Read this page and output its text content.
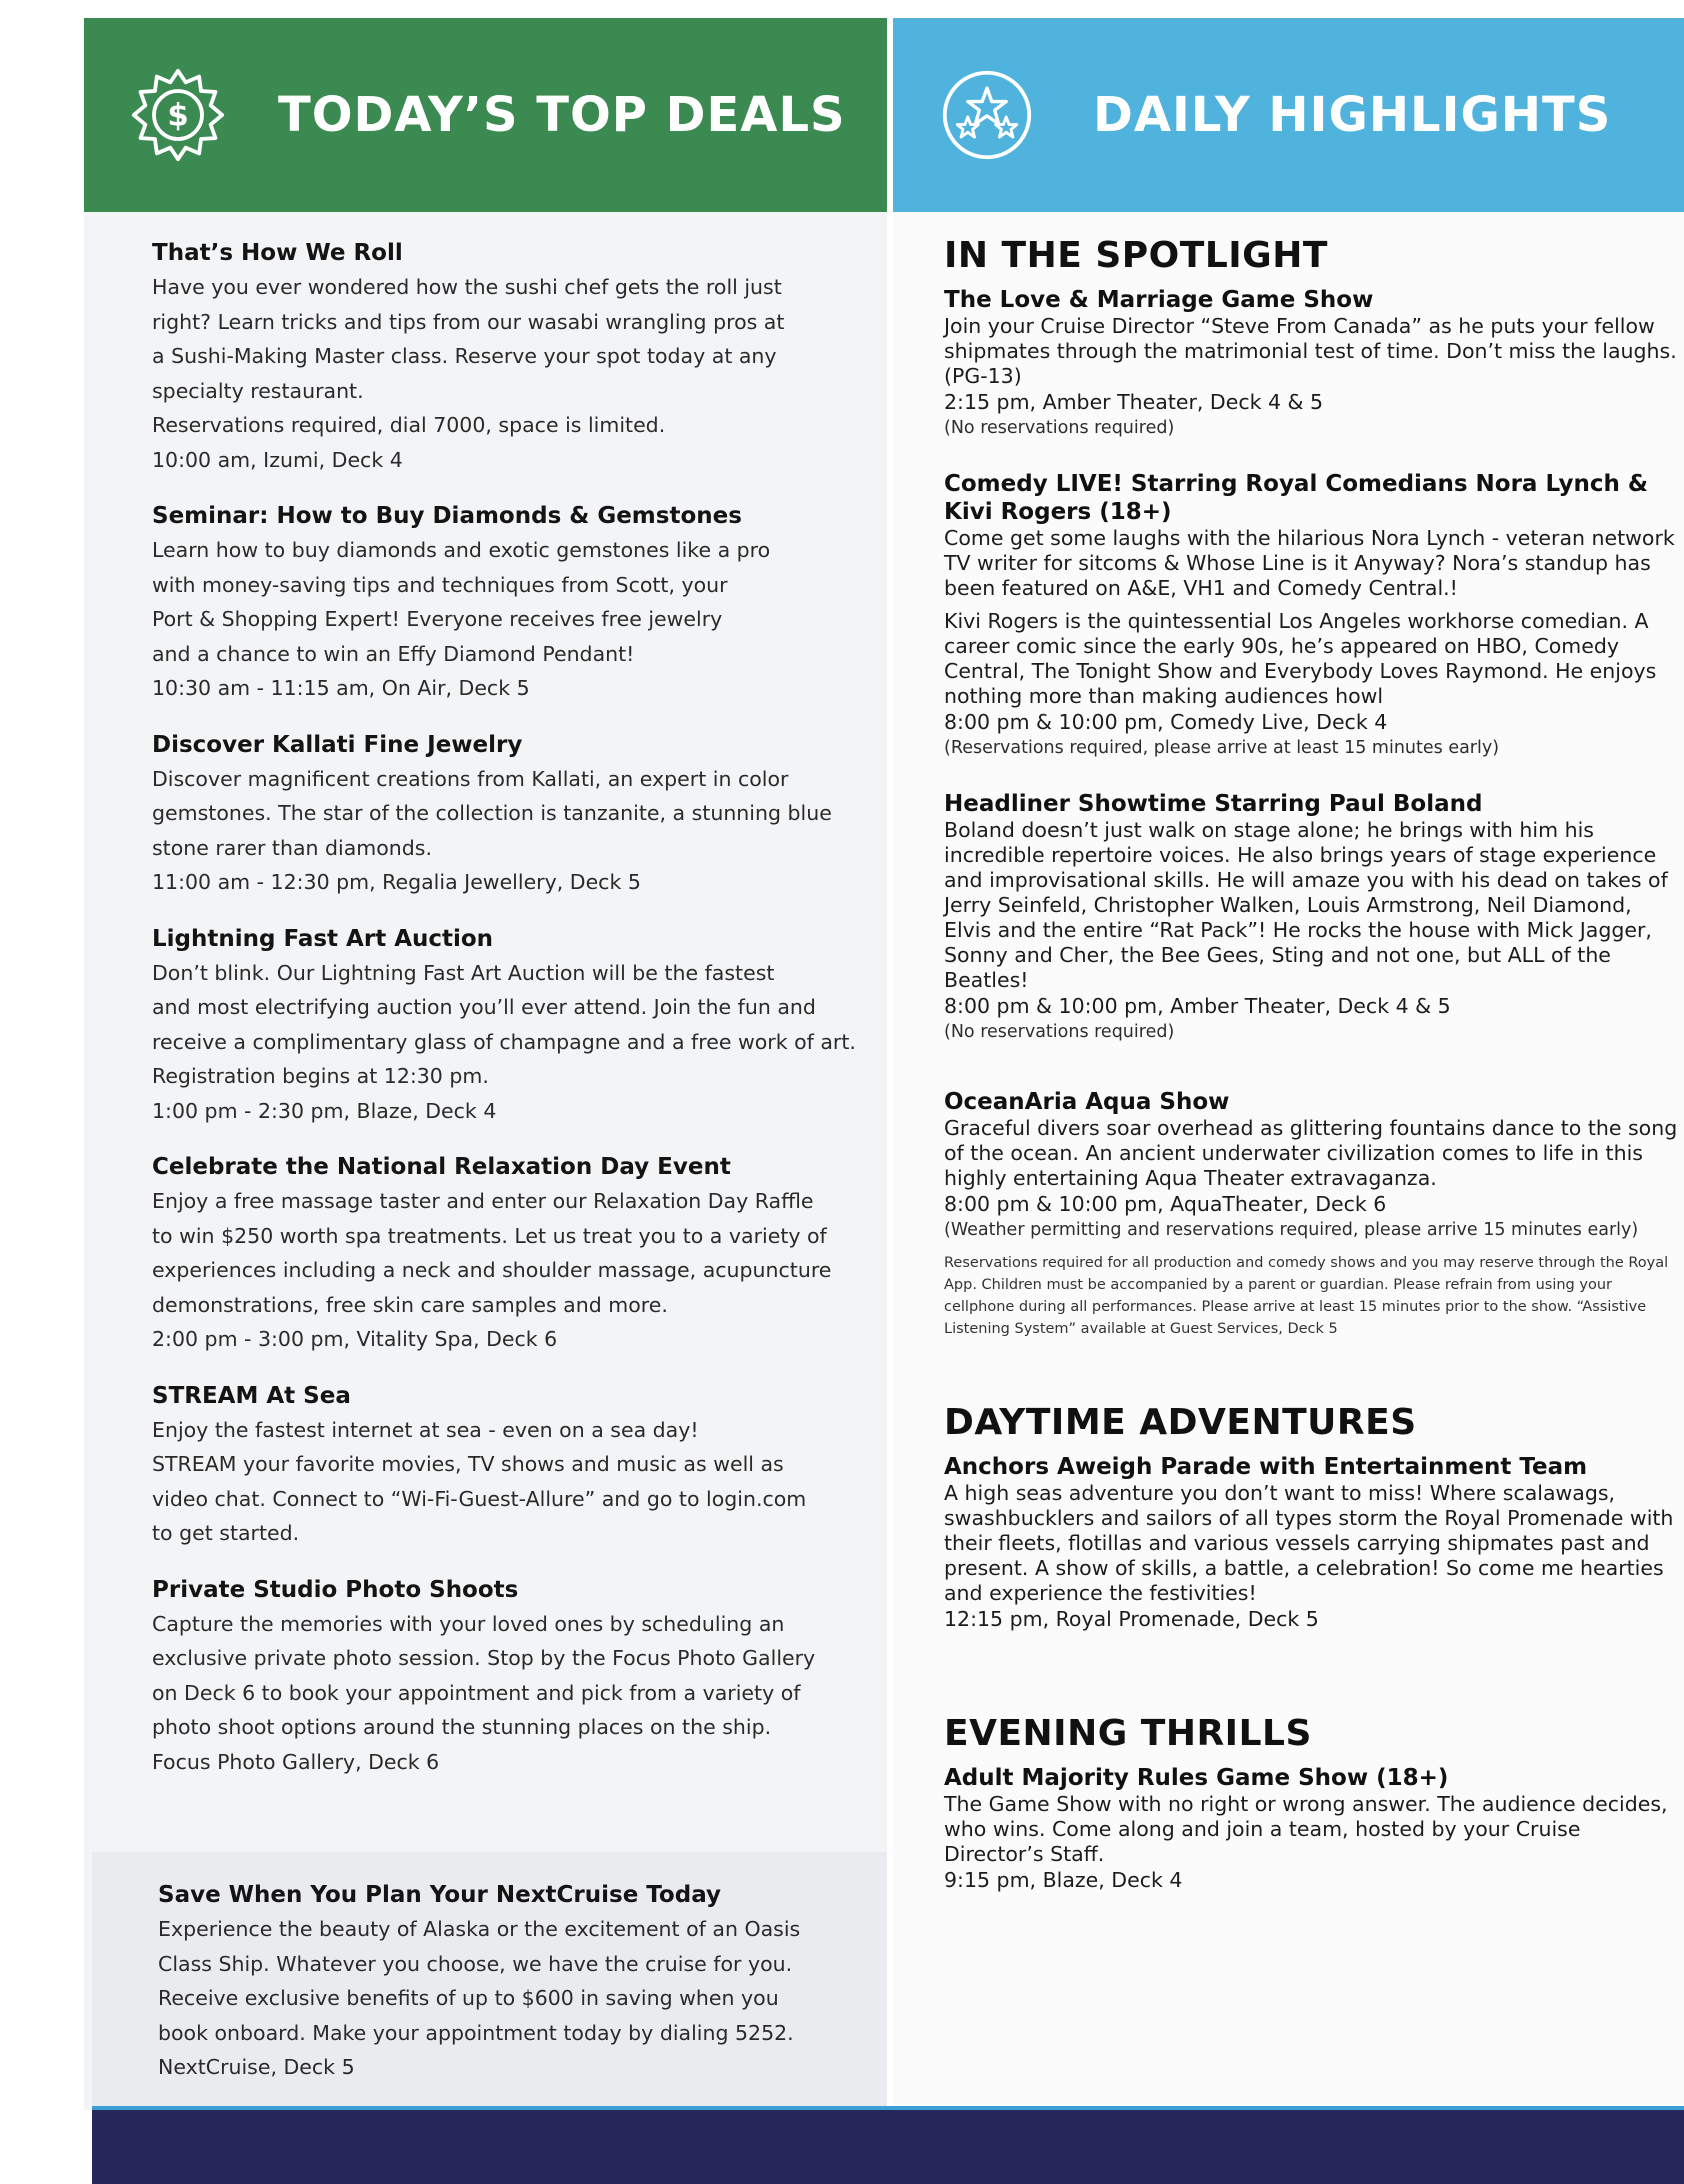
$ TODAY’S TOP DEALS	DAILY HIGHLIGHTS
That’s How We Roll
Have you ever wondered how the sushi chef gets the roll just
right? Learn tricks and tips from our wasabi wrangling pros at
a Sushi-Making Master class. Reserve your spot today at any
specialty restaurant.
Reservations required, dial 7000, space is limited.
10:00 am, Izumi, Deck 4
Seminar: How to Buy Diamonds & Gemstones
Learn how to buy diamonds and exotic gemstones like a pro
with money-saving tips and techniques from Scott, your
Port & Shopping Expert! Everyone receives free jewelry
and a chance to win an Effy Diamond Pendant!
10:30 am - 11:15 am, On Air, Deck 5
Discover Kallati Fine Jewelry
Discover magnificent creations from Kallati, an expert in color
gemstones. The star of the collection is tanzanite, a stunning blue
stone rarer than diamonds.
11:00 am - 12:30 pm, Regalia Jewellery, Deck 5
Lightning Fast Art Auction
Don’t blink. Our Lightning Fast Art Auction will be the fastest
and most electrifying auction you’ll ever attend. Join the fun and
receive a complimentary glass of champagne and a free work of art.
Registration begins at 12:30 pm.
1:00 pm - 2:30 pm, Blaze, Deck 4
Celebrate the National Relaxation Day Event
Enjoy a free massage taster and enter our Relaxation Day Raffle
to win $250 worth spa treatments. Let us treat you to a variety of
experiences including a neck and shoulder massage, acupuncture
demonstrations, free skin care samples and more.
2:00 pm - 3:00 pm, Vitality Spa, Deck 6
STREAM At Sea
Enjoy the fastest internet at sea - even on a sea day!
STREAM your favorite movies, TV shows and music as well as
video chat. Connect to “Wi-Fi-Guest-Allure” and go to login.com
to get started.
Private Studio Photo Shoots
Capture the memories with your loved ones by scheduling an
exclusive private photo session. Stop by the Focus Photo Gallery
on Deck 6 to book your appointment and pick from a variety of
photo shoot options around the stunning places on the ship.
Focus Photo Gallery, Deck 6
Save When You Plan Your NextCruise Today
Experience the beauty of Alaska or the excitement of an Oasis
Class Ship. Whatever you choose, we have the cruise for you.
Receive exclusive benefits of up to $600 in saving when you
book onboard. Make your appointment today by dialing 5252.
NextCruise, Deck 5
IN THE SPOTLIGHT
The Love & Marriage Game Show
Join your Cruise Director “Steve From Canada” as he puts your fellow shipmates through the matrimonial test of time. Don’t miss the laughs. (PG-13)
2:15 pm, Amber Theater, Deck 4 & 5
(No reservations required)
Comedy LIVE! Starring Royal Comedians Nora Lynch & Kivi Rogers (18+)
Come get some laughs with the hilarious Nora Lynch - veteran network TV writer for sitcoms & Whose Line is it Anyway? Nora’s standup has been featured on A&E, VH1 and Comedy Central.!
Kivi Rogers is the quintessential Los Angeles workhorse comedian. A career comic since the early 90s, he’s appeared on HBO, Comedy Central, The Tonight Show and Everybody Loves Raymond. He enjoys nothing more than making audiences howl
8:00 pm & 10:00 pm, Comedy Live, Deck 4
(Reservations required, please arrive at least 15 minutes early)
Headliner Showtime Starring Paul Boland
Boland doesn’t just walk on stage alone; he brings with him his incredible repertoire voices. He also brings years of stage experience and improvisational skills. He will amaze you with his dead on takes of Jerry Seinfeld, Christopher Walken, Louis Armstrong, Neil Diamond, Elvis and the entire “Rat Pack”! He rocks the house with Mick Jagger, Sonny and Cher, the Bee Gees, Sting and not one, but ALL of the Beatles!
8:00 pm & 10:00 pm, Amber Theater, Deck 4 & 5
(No reservations required)
OceanAria Aqua Show
Graceful divers soar overhead as glittering fountains dance to the song of the ocean. An ancient underwater civilization comes to life in this highly entertaining Aqua Theater extravaganza.
8:00 pm & 10:00 pm, AquaTheater, Deck 6
(Weather permitting and reservations required, please arrive 15 minutes early)
Reservations required for all production and comedy shows and you may reserve through the Royal App. Children must be accompanied by a parent or guardian. Please refrain from using your cellphone during all performances. Please arrive at least 15 minutes prior to the show. “Assistive Listening System” available at Guest Services, Deck 5
DAYTIME ADVENTURES
Anchors Aweigh Parade with Entertainment Team
A high seas adventure you don’t want to miss! Where scalawags, swashbucklers and sailors of all types storm the Royal Promenade with their fleets, flotillas and various vessels carrying shipmates past and present. A show of skills, a battle, a celebration! So come me hearties and experience the festivities!
12:15 pm, Royal Promenade, Deck 5
EVENING THRILLS
Adult Majority Rules Game Show (18+)
The Game Show with no right or wrong answer. The audience decides, who wins. Come along and join a team, hosted by your Cruise Director’s Staff.
9:15 pm, Blaze, Deck 4
